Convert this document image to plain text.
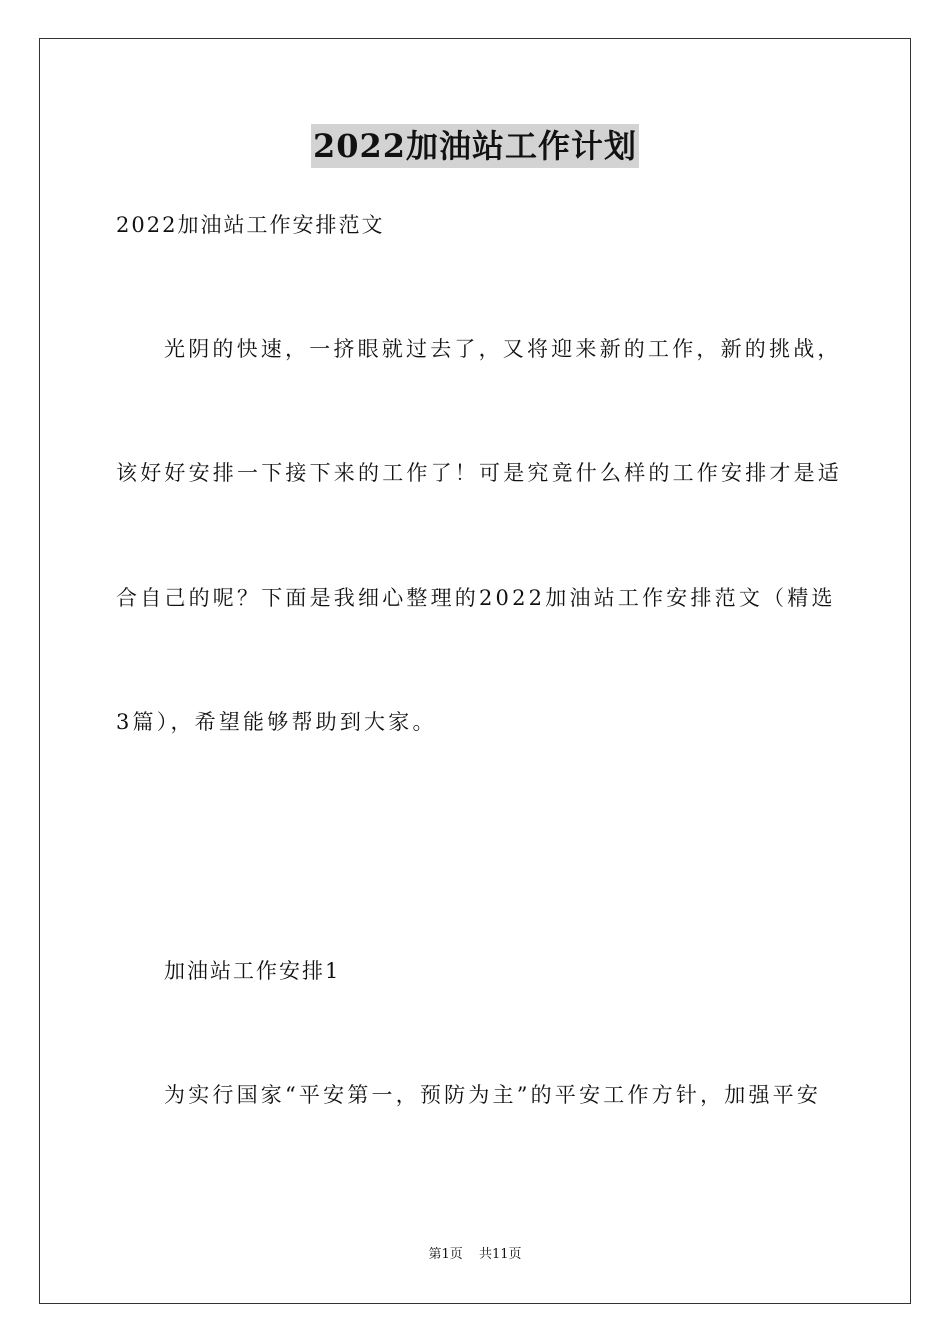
2022加油站工作计划
2022加油站工作安排范文
光阴的快速，一挤眼就过去了，又将迎来新的工作，新的挑战，
该好好安排一下接下来的工作了！可是究竟什么样的工作安排才是适
合自己的呢？下面是我细心整理的2022加油站工作安排范文（精选
3篇），希望能够帮助到大家。
加油站工作安排1
为实行国家“平安第一，预防为主”的平安工作方针，加强平安
第1页 共11页
